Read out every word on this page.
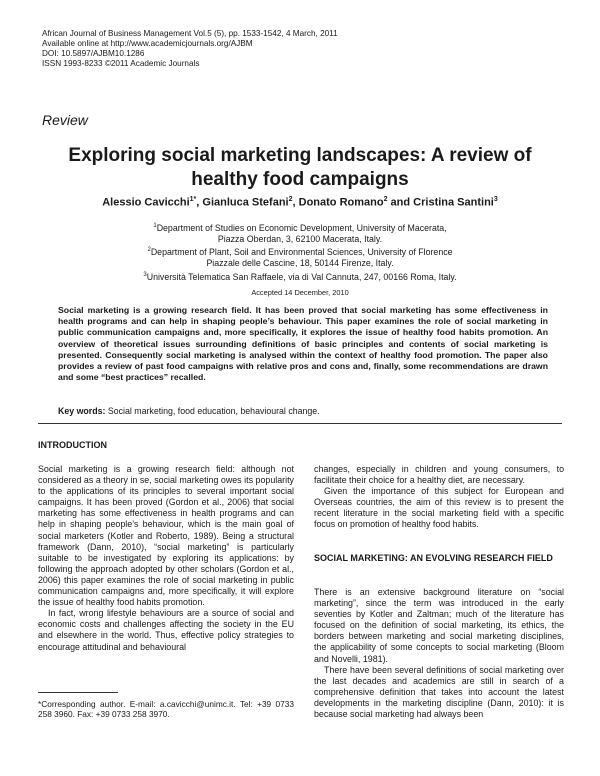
African Journal of Business Management Vol.5 (5), pp. 1533-1542, 4 March, 2011
Available online at http://www.academicjournals.org/AJBM
DOI: 10.5897/AJBM10.1286
ISSN 1993-8233 ©2011 Academic Journals
Review
Exploring social marketing landscapes: A review of healthy food campaigns
Alessio Cavicchi$^{1*}$, Gianluca Stefani$^2$, Donato Romano$^2$ and Cristina Santini$^3$
$^1$Department of Studies on Economic Development, University of Macerata,
Piazza Oberdan, 3, 62100 Macerata, Italy.
$^2$Department of Plant, Soil and Environmental Sciences, University of Florence
Piazzale delle Cascine, 18, 50144 Firenze, Italy.
$^3$Università Telematica San Raffaele, via di Val Cannuta, 247, 00166 Roma, Italy.
Accepted 14 December, 2010
Social marketing is a growing research field. It has been proved that social marketing has some effectiveness in health programs and can help in shaping people’s behaviour. This paper examines the role of social marketing in public communication campaigns and, more specifically, it explores the issue of healthy food habits promotion. An overview of theoretical issues surrounding definitions of basic principles and contents of social marketing is presented. Consequently social marketing is analysed within the context of healthy food promotion. The paper also provides a review of past food campaigns with relative pros and cons and, finally, some recommendations are drawn and some “best practices” recalled.
Key words: Social marketing, food education, behavioural change.
INTRODUCTION

Social marketing is a growing research field: although not considered as a theory in se, social marketing owes its popularity to the applications of its principles to several important social campaigns. It has been proved (Gordon et al., 2006) that social marketing has some effectiveness in health programs and can help in shaping people’s behaviour, which is the main goal of social marketers (Kotler and Roberto, 1989). Being a structural framework (Dann, 2010), “social marketing” is particularly suitable to be investigated by exploring its applications: by following the approach adopted by other scholars (Gordon et al., 2006) this paper examines the role of social marketing in public communication campaigns and, more specifically, it will explore the issue of healthy food habits promotion.

In fact, wrong lifestyle behaviours are a source of social and economic costs and challenges affecting the society in the EU and elsewhere in the world. Thus, effective policy strategies to encourage attitudinal and behavioural

changes, especially in children and young consumers, to facilitate their choice for a healthy diet, are necessary.

Given the importance of this subject for European and Overseas countries, the aim of this review is to present the recent literature in the social marketing field with a specific focus on promotion of healthy food habits.

SOCIAL MARKETING: AN EVOLVING RESEARCH FIELD

There is an extensive background literature on “social marketing”, since the term was introduced in the early seventies by Kotler and Zaltman; much of the literature has focused on the definition of social marketing, its ethics, the borders between marketing and social marketing disciplines, the applicability of some concepts to social marketing (Bloom and Novelli, 1981).

There have been several definitions of social marketing over the last decades and academics are still in search of a comprehensive definition that takes into account the latest developments in the marketing discipline (Dann, 2010): it is because social marketing had always been

*Corresponding author. E-mail: a.cavicchi@unimc.it. Tel: +39 0733 258 3960. Fax: +39 0733 258 3970.
